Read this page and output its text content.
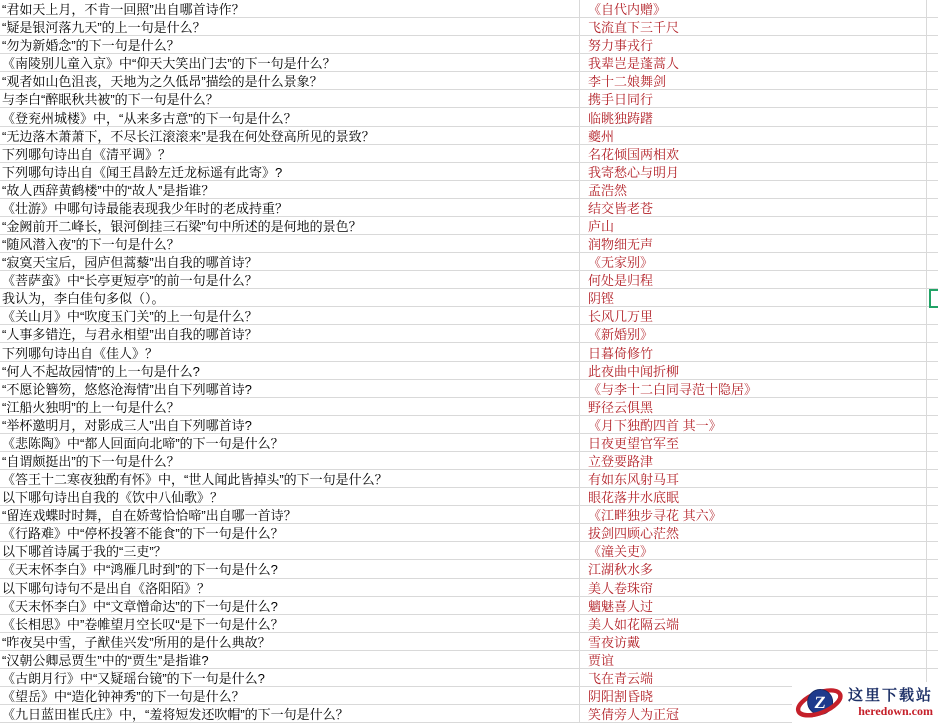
“君如天上月，不肯一回照”出自哪首诗作？	《自代内赠》
“疑是银河落九天”的上一句是什么？	飞流直下三千尺
“勿为新婚念”的下一句是什么？	努力事戎行
《南陵别儿童入京》中“仰天大笑出门去”的下一句是什么？	我辈岂是蓬蒿人
“观者如山色沮丧，天地为之久低昂”描绘的是什么景象？	李十二娘舞剑
与李白“醉眠秋共被”的下一句是什么？	携手日同行
《登兖州城楼》中，“从来多古意”的下一句是什么？	临眺独踌躇
“无边落木萧萧下，不尽长江滚滚来”是我在何处登高所见的景致？	夔州
下列哪句诗出自《清平调》？	名花倾国两相欢
下列哪句诗出自《闻王昌龄左迁龙标遥有此寄》?	我寄愁心与明月
“故人西辞黄鹤楼”中的“故人”是指谁？	孟浩然
《壮游》中哪句诗最能表现我少年时的老成持重？	结交皆老苍
“金阙前开二峰长，银河倒挂三石梁”句中所述的是何地的景色？	庐山
“随风潜入夜”的下一句是什么？	润物细无声
“寂寞天宝后，园庐但蒿藜”出自我的哪首诗？	《无家别》
《菩萨蛮》中“长亭更短亭”的前一句是什么？	何处是归程
我认为，李白佳句多似（）。	阴铿
《关山月》中“吹度玉门关”的上一句是什么？	长风几万里
“人事多错迕，与君永相望”出自我的哪首诗？	《新婚别》
下列哪句诗出自《佳人》？	日暮倚修竹
“何人不起故园情”的上一句是什么?	此夜曲中闻折柳
“不愿论簪笏，悠悠沧海情”出自下列哪首诗?	《与李十二白同寻范十隐居》
“江船火独明”的上一句是什么？	野径云俱黑
“举杯邀明月，对影成三人”出自下列哪首诗?	《月下独酌四首 其一》
《悲陈陶》中“都人回面向北啼”的下一句是什么？	日夜更望官军至
“自谓颇挺出”的下一句是什么？	立登要路津
《答王十二寒夜独酌有怀》中，“世人闻此皆掉头”的下一句是什么？	有如东风射马耳
以下哪句诗出自我的《饮中八仙歌》？	眼花落井水底眠
“留连戏蝶时时舞，自在娇莺恰恰啼”出自哪一首诗？	《江畔独步寻花 其六》
《行路难》中“停杯投箸不能食”的下一句是什么？	拔剑四顾心茫然
以下哪首诗属于我的“三吏”？	《潼关吏》
《天末怀李白》中“鸿雁几时到”的下一句是什么?	江湖秋水多
以下哪句诗句不是出自《洛阳陌》？	美人卷珠帘
《天末怀李白》中“文章憎命达”的下一句是什么?	魑魅喜人过
《长相思》中”卷帷望月空长叹“是下一句是什么？	美人如花隔云端
“昨夜吴中雪，子猷佳兴发”所用的是什么典故？	雪夜访戴
“汉朝公卿忌贾生”中的“贾生”是指谁?	贾谊
《古朗月行》中“又疑瑶台镜”的下一句是什么?	飞在青云端
《望岳》中“造化钟神秀”的下一句是什么？	阴阳割昏晓
《九日蓝田崔氏庄》中，“羞将短发还吹帽”的下一句是什么？	笑倩旁人为正冠
Z 这里下载站
heredown.com
